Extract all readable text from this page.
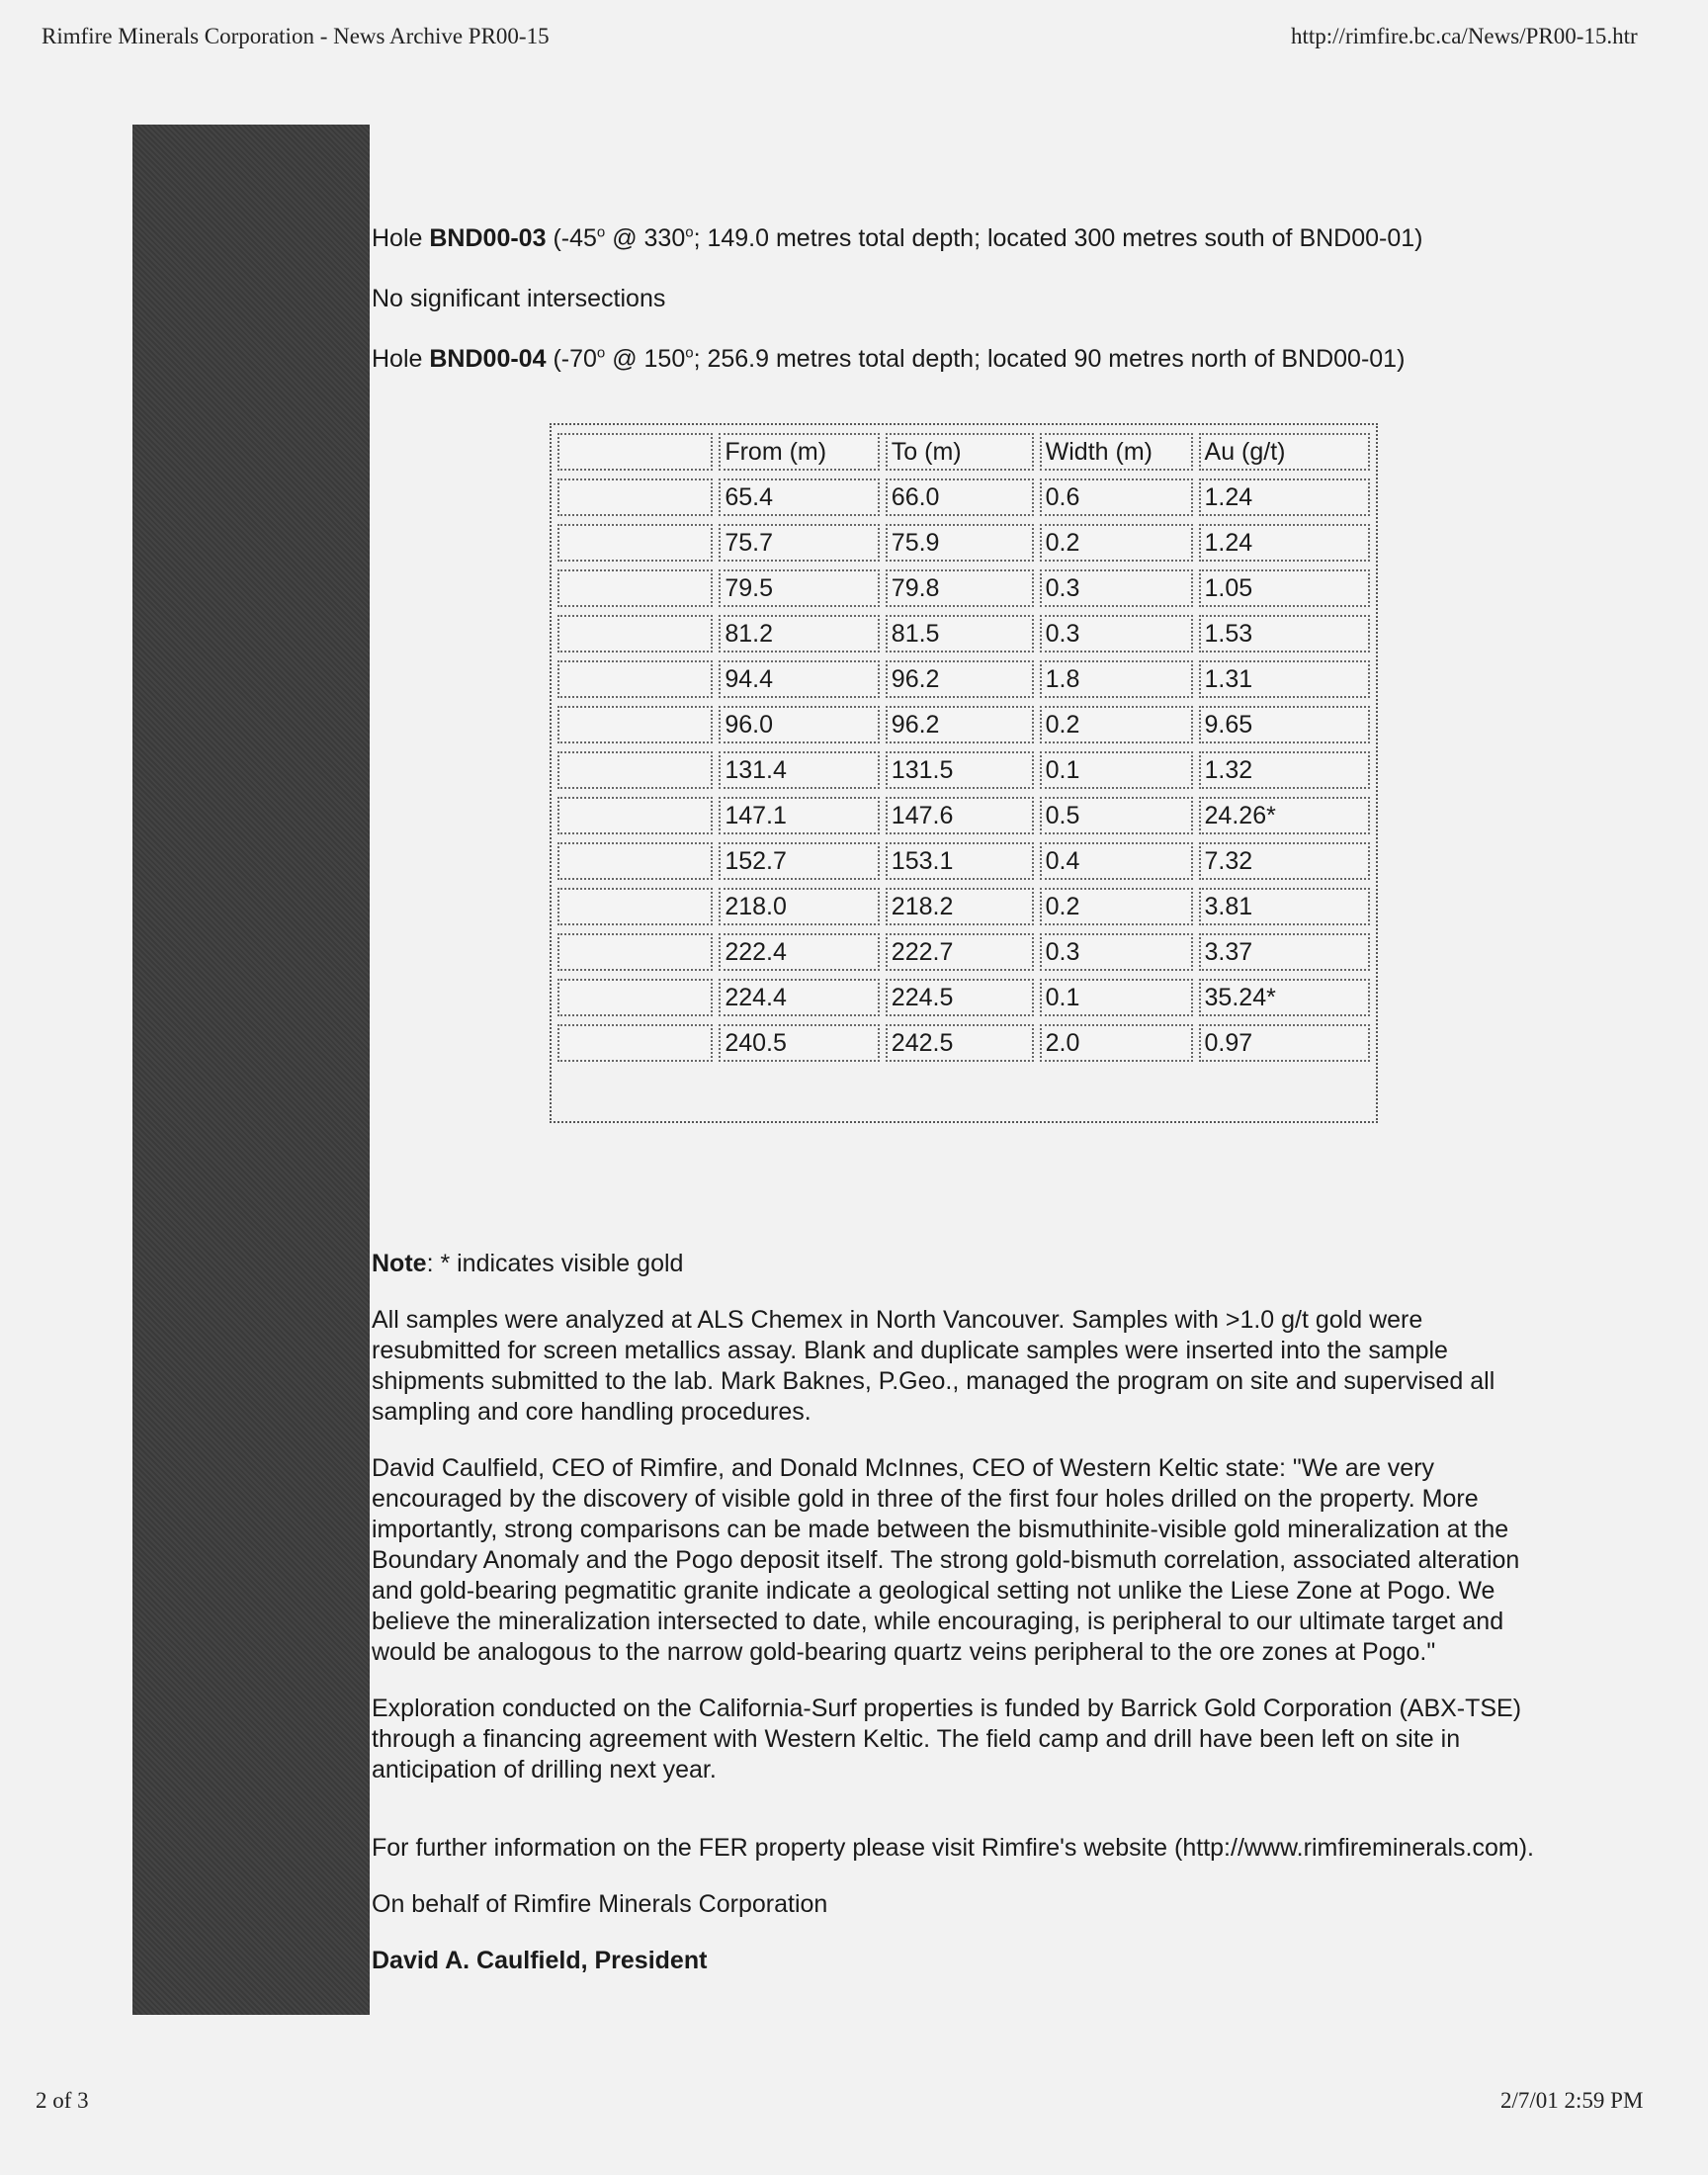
Rimfire Minerals Corporation - News Archive PR00-15	http://rimfire.bc.ca/News/PR00-15.htr

Hole BND00-03 (-45$^o$ @ 330$^o$; 149.0 metres total depth; located 300 metres south of BND00-01)

No significant intersections

Hole BND00-04 (-70$^o$ @ 150$^o$; 256.9 metres total depth; located 90 metres north of BND00-01)

Note: * indicates visible gold

All samples were analyzed at ALS Chemex in North Vancouver. Samples with >1.0 g/t gold were resubmitted for screen metallics assay. Blank and duplicate samples were inserted into the sample shipments submitted to the lab. Mark Baknes, P.Geo., managed the program on site and supervised all sampling and core handling procedures.

David Caulfield, CEO of Rimfire, and Donald McInnes, CEO of Western Keltic state: "We are very encouraged by the discovery of visible gold in three of the first four holes drilled on the property. More importantly, strong comparisons can be made between the bismuthinite-visible gold mineralization at the Boundary Anomaly and the Pogo deposit itself. The strong gold-bismuth correlation, associated alteration and gold-bearing pegmatitic granite indicate a geological setting not unlike the Liese Zone at Pogo. We believe the mineralization intersected to date, while encouraging, is peripheral to our ultimate target and would be analogous to the narrow gold-bearing quartz veins peripheral to the ore zones at Pogo."

Exploration conducted on the California-Surf properties is funded by Barrick Gold Corporation (ABX-TSE) through a financing agreement with Western Keltic. The field camp and drill have been left on site in anticipation of drilling next year.

For further information on the FER property please visit Rimfire's website (http://www.rimfireminerals.com).

On behalf of Rimfire Minerals Corporation

David A. Caulfield, President

	From (m)	To (m)	Width (m)	Au (g/t)
	65.4	66.0	0.6	1.24
	75.7	75.9	0.2	1.24
	79.5	79.8	0.3	1.05
	81.2	81.5	0.3	1.53
	94.4	96.2	1.8	1.31
	96.0	96.2	0.2	9.65
	131.4	131.5	0.1	1.32
	147.1	147.6	0.5	24.26*
	152.7	153.1	0.4	7.32
	218.0	218.2	0.2	3.81
	222.4	222.7	0.3	3.37
	224.4	224.5	0.1	35.24*
	240.5	242.5	2.0	0.97
2 of 3	2/7/01 2:59 PM
